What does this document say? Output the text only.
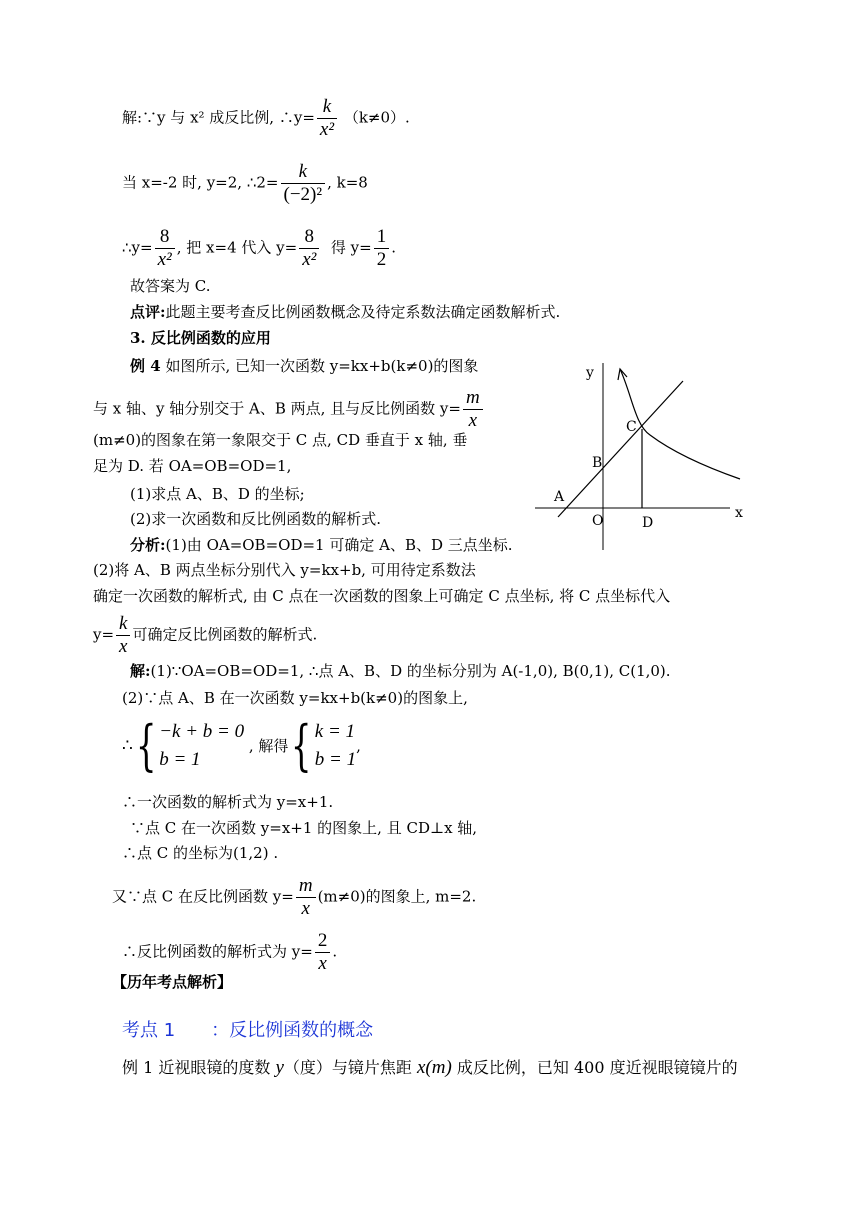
解:∵y 与 x² 成反比例, ∴y= $\frac{k}{\text{x²}} (k\ne 0)$.
当 x=-2 时, y=2, ∴2= $\frac{k}{\text{(−2)²}}$ , k=8
∴y= $\frac{8}{\text{x²}}$ , 把 x=4 代入 $y= \frac{8}{\text{x²}}$ 得 $y= \frac{1}{2}$ .
故答案为 C.
点评:此题主要考查反比例函数概念及待定系数法确定函数解析式.
3. 反比例函数的应用
例 4 如图所示, 已知一次函数 y=kx+b(k≠0)的图象
与 x 轴、y 轴分别交于 A、B 两点, 且与反比例函数 $y= \frac{m}{x}$
(m≠0)的图象在第一象限交于 C 点, CD 垂直于 x 轴, 垂
足为 D. 若 OA=OB=OD=1,
(1)求点 A、B、D 的坐标;
(2)求一次函数和反比例函数的解析式.
分析:(1)由 OA=OB=OD=1 可确定 A、B、D 三点坐标.
(2)将 A、B 两点坐标分别代入 y=kx+b, 可用待定系数法
确定一次函数的解析式, 由 C 点在一次函数的图象上可确定 C 点坐标, 将 C 点坐标代入
$y= \frac{k}{x}$ 可确定反比例函数的解析式.
解:(1)∵OA=OB=OD=1, ∴点 A、B、D 的坐标分别为 A(-1,0), B(0,1), C(1,0).
(2)∵点 A、B 在一次函数 y=kx+b(k≠0)的图象上,
∴{ −k + b = 0
b = 1
, 解得{ k = 1
b = 1
,
∴一次函数的解析式为 y=x+1.
∵点 C 在一次函数 y=x+1 的图象上, 且 CD⊥x 轴,
∴点 C 的坐标为(1,2) .
又∵点 C 在反比例函数 $y= \frac{m}{x} (m\ne 0)$的图象上, m=2.
∴反比例函数的解析式为 $y= \frac{2}{x}$ .
y
x
A
B
C
O	D
【历年考点解析】
考点 1　　：反比例函数的概念
例 1 近视眼镜的度数 y（度）与镜片焦距 x(m) 成反比例，已知 400 度近视眼镜镜片的
